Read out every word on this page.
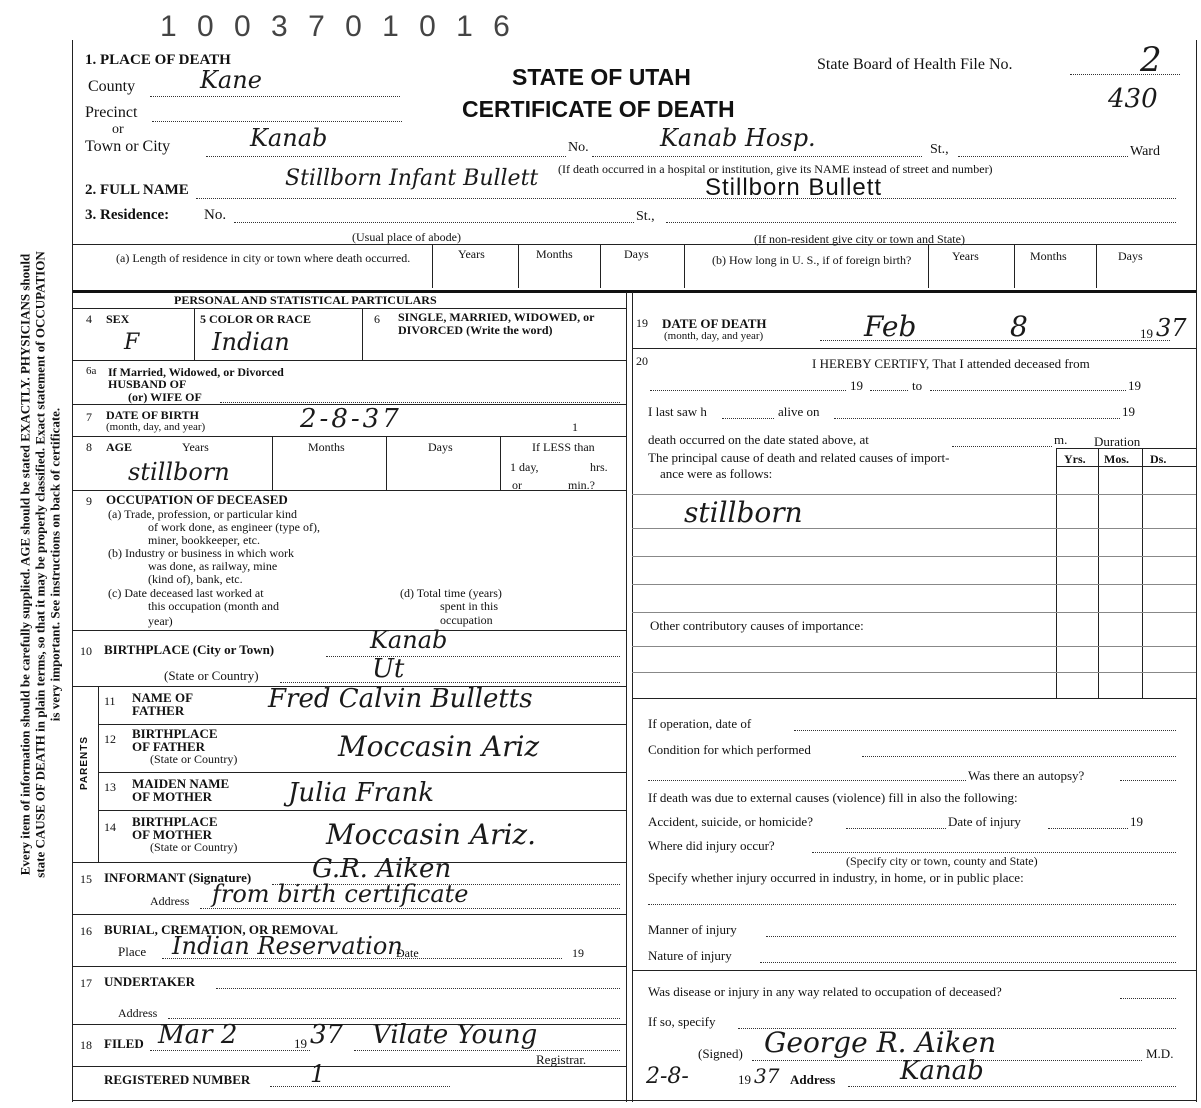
Every item of information should be carefully supplied. AGE should be stated EXACTLY. PHYSICIANS should state CAUSE OF DEATH in plain terms, so that it may be properly classified. Exact statement of OCCUPATION is very important. See instructions on back of certificate.
1 0 0 3 7 0 1 0 1 6
1. PLACE OF DEATH
STATE OF UTAH
CERTIFICATE OF DEATH
State Board of Health File No.	2
430
County	Kane
Precinct
or
Town or City	Kanab	No.	Kanab Hosp.	St.,	Ward
(If death occurred in a hospital or institution, give its NAME instead of street and number)
2. FULL NAME	Stillborn Infant Bullett	Stillborn Bullett
3. Residence: No.	St.,
(Usual place of abode)	(If non-resident give city or town and State)
(a) Length of residence in city or town where death occurred.	Years	Months	Days	(b) How long in U. S., if of foreign birth?	Years	Months	Days
PERSONAL AND STATISTICAL PARTICULARS
4 SEX
F
5 COLOR OR RACE
Indian
6 SINGLE, MARRIED, WIDOWED, or DIVORCED (Write the word)
6a If Married, Widowed, or Divorced
HUSBAND OF
(or) WIFE OF
7 DATE OF BIRTH
(month, day, and year)	2-8-37	1
8 AGE	Years	Months	Days
stillborn
If LESS than
1 day,	hrs.
or	min.?
9 OCCUPATION OF DECEASED
(a) Trade, profession, or particular kind
of work done, as engineer (type of),
miner, bookkeeper, etc.
(b) Industry or business in which work
was done, as railway, mine
(kind of), bank, etc.
(c) Date deceased last worked at
this occupation (month and
year)
(d) Total time (years)
spent in this
occupation
10 BIRTHPLACE (City or Town)	Kanab
(State or Country)	Ut
PARENTS
11 NAME OF
FATHER	Fred Calvin Bulletts
12 BIRTHPLACE
OF FATHER
(State or Country)	Moccasin Ariz
13 MAIDEN NAME
OF MOTHER	Julia Frank
14 BIRTHPLACE
OF MOTHER
(State or Country)	Moccasin Ariz.
15 INFORMANT (Signature) G.R. Aiken
Address from birth certificate
16 BURIAL, CREMATION, OR REMOVAL
Place Indian Reservation
Date	19
17 UNDERTAKER
Address
18 FILED Mar 2	19 37 Vilate Young
Registrar.
REGISTERED NUMBER 1
19 DATE OF DEATH
(month, day, and year)	Feb	8	19 37
20	I HEREBY CERTIFY, That I attended deceased from
19	to	19
I last saw h	alive on	19
death occurred on the date stated above, at	m. Duration
The principal cause of death and related causes of import-
ance were as follows:
Yrs. Mos. Ds.
stillborn
Other contributory causes of importance:
If operation, date of
Condition for which performed
Was there an autopsy?
If death was due to external causes (violence) fill in also the following:
Accident, suicide, or homicide?	Date of injury	19
Where did injury occur?
(Specify city or town, county and State)
Specify whether injury occurred in industry, in home, or in public place:
Manner of injury
Nature of injury
Was disease or injury in any way related to occupation of deceased?
If so, specify
(Signed) George R. Aiken	M.D.
2-8-	19 37 Address Kanab
